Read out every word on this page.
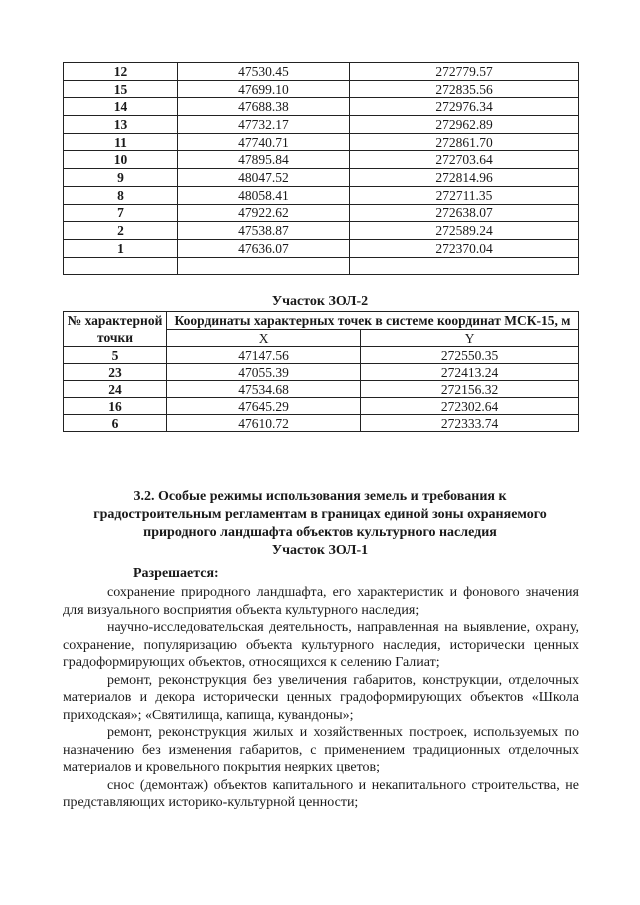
12	47530.45	272779.57
15	47699.10	272835.56
14	47688.38	272976.34
13	47732.17	272962.89
11	47740.71	272861.70
10	47895.84	272703.64
9	48047.52	272814.96
8	48058.41	272711.35
7	47922.62	272638.07
2	47538.87	272589.24
1	47636.07	272370.04

Участок ЗОЛ-2
№ характерной точки	Координаты характерных точек в системе координат МСК-15, м	
	X	Y
5	47147.56	272550.35
23	47055.39	272413.24
24	47534.68	272156.32
16	47645.29	272302.64
6	47610.72	272333.74
3.2. Особые режимы использования земель и требования к
градостроительным регламентам в границах единой зоны охраняемого
природного ландшафта объектов культурного наследия
Участок ЗОЛ-1
Разрешается:

сохранение природного ландшафта, его характеристик и фонового значения для визуального восприятия объекта культурного наследия;

научно-исследовательская деятельность, направленная на выявление, охрану, сохранение, популяризацию объекта культурного наследия, исторически ценных градоформирующих объектов, относящихся к селению Галиат;

ремонт, реконструкция без увеличения габаритов, конструкции, отделочных материалов и декора исторически ценных градоформирующих объектов «Школа приходская»; «Святилища, капища, кувандоны»;

ремонт, реконструкция жилых и хозяйственных построек, используемых по назначению без изменения габаритов, с применением традиционных отделочных материалов и кровельного покрытия неярких цветов;

снос (демонтаж) объектов капитального и некапитального строительства, не представляющих историко-культурной ценности;
